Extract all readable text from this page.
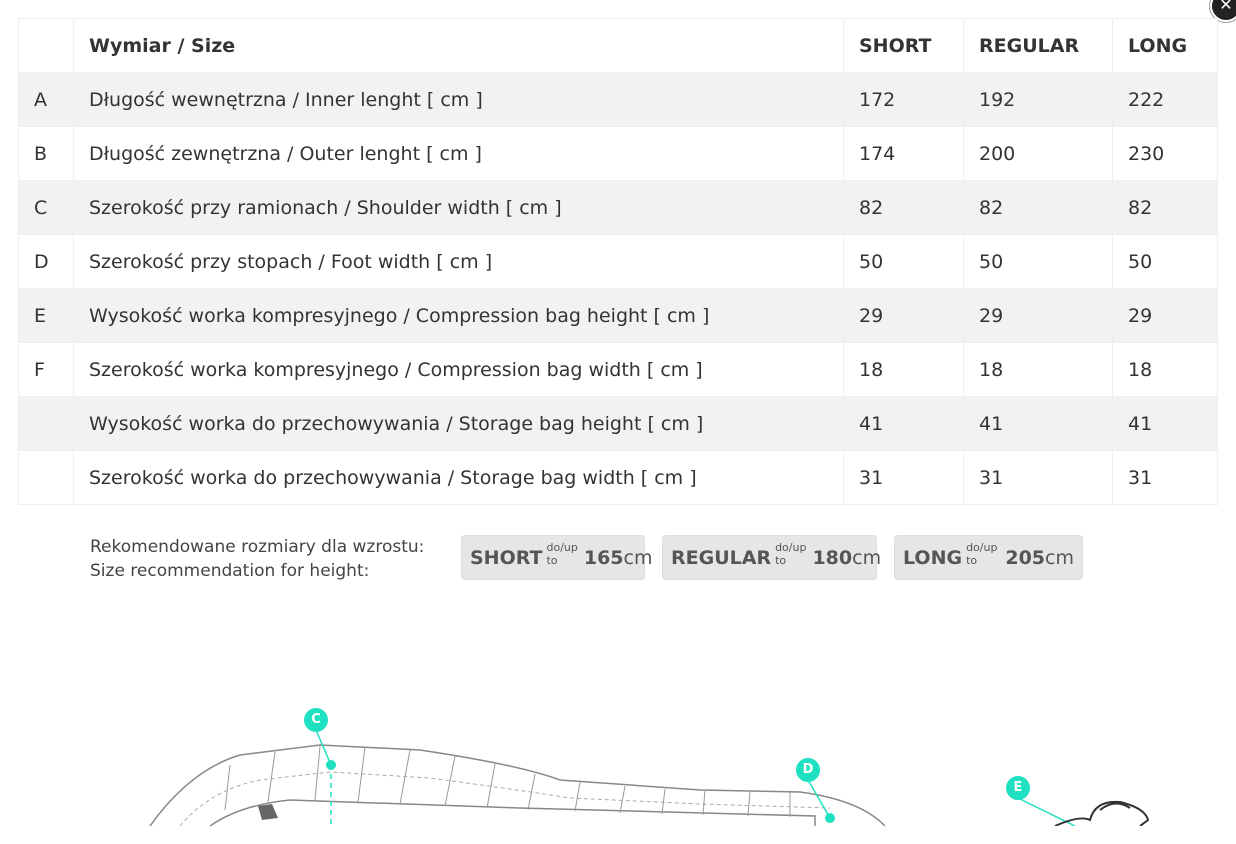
✕
	Wymiar / Size	SHORT	REGULAR	LONG
A	Długość wewnętrzna / Inner lenght [ cm ]	172	192	222
B	Długość zewnętrzna / Outer lenght [ cm ]	174	200	230
C	Szerokość przy ramionach / Shoulder width [ cm ]	82	82	82
D	Szerokość przy stopach / Foot width [ cm ]	50	50	50
E	Wysokość worka kompresyjnego / Compression bag height [ cm ]	29	29	29
F	Szerokość worka kompresyjnego / Compression bag width [ cm ]	18	18	18
	Wysokość worka do przechowywania / Storage bag height [ cm ]	41	41	41
	Szerokość worka do przechowywania / Storage bag width [ cm ]	31	31	31
Rekomendowane rozmiary dla wzrostu:
Size recommendation for height:
SHORT do/up to	165 cm REGULAR do/up to	180 cm LONG do/up to	205 cm
C
D
E
